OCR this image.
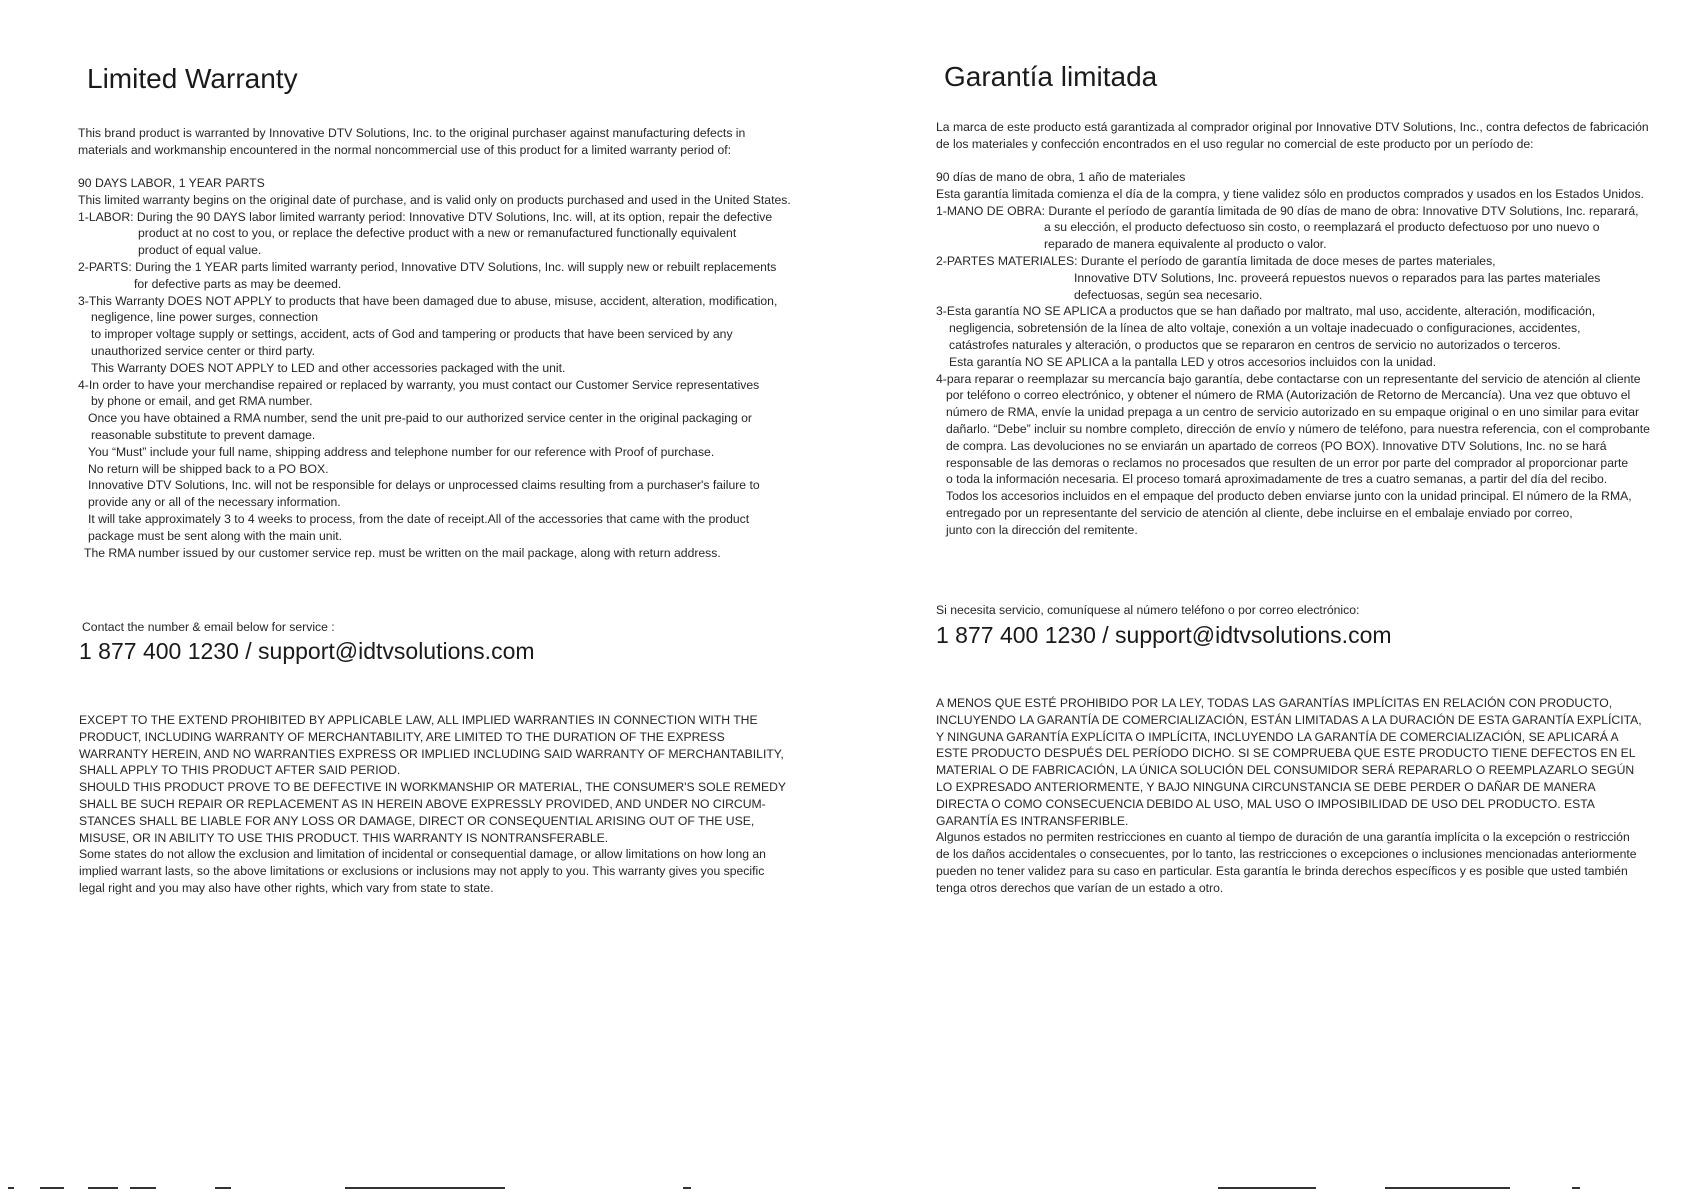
Limited Warranty
This brand product is warranted by Innovative DTV Solutions, Inc. to the original purchaser against manufacturing defects in
materials and workmanship encountered in the normal noncommercial use of this product for a limited warranty period of:
90 DAYS LABOR, 1 YEAR PARTS
This limited warranty begins on the original date of purchase, and is valid only on products purchased and used in the United States.
1-LABOR: During the 90 DAYS labor limited warranty period: Innovative DTV Solutions, Inc. will, at its option, repair the defective
product at no cost to you, or replace the defective product with a new or remanufactured functionally equivalent
product of equal value.
2-PARTS: During the 1 YEAR parts limited warranty period, Innovative DTV Solutions, Inc. will supply new or rebuilt replacements
for defective parts as may be deemed.
3-This Warranty DOES NOT APPLY to products that have been damaged due to abuse, misuse, accident, alteration, modification,
negligence, line power surges, connection
to improper voltage supply or settings, accident, acts of God and tampering or products that have been serviced by any
unauthorized service center or third party.
This Warranty DOES NOT APPLY to LED and other accessories packaged with the unit.
4-In order to have your merchandise repaired or replaced by warranty, you must contact our Customer Service representatives
by phone or email, and get RMA number.
Once you have obtained a RMA number, send the unit pre-paid to our authorized service center in the original packaging or
reasonable substitute to prevent damage.
You “Must” include your full name, shipping address and telephone number for our reference with Proof of purchase.
No return will be shipped back to a PO BOX.
Innovative DTV Solutions, Inc. will not be responsible for delays or unprocessed claims resulting from a purchaser's failure to
provide any or all of the necessary information.
It will take approximately 3 to 4 weeks to process, from the date of receipt.All of the accessories that came with the product
package must be sent along with the main unit.
The RMA number issued by our customer service rep. must be written on the mail package, along with return address.
Contact the number & email below for service :
1 877 400 1230 / support@idtvsolutions.com
EXCEPT TO THE EXTEND PROHIBITED BY APPLICABLE LAW, ALL IMPLIED WARRANTIES IN CONNECTION WITH THE
PRODUCT, INCLUDING WARRANTY OF MERCHANTABILITY, ARE LIMITED TO THE DURATION OF THE EXPRESS
WARRANTY HEREIN, AND NO WARRANTIES EXPRESS OR IMPLIED INCLUDING SAID WARRANTY OF MERCHANTABILITY,
SHALL APPLY TO THIS PRODUCT AFTER SAID PERIOD.
SHOULD THIS PRODUCT PROVE TO BE DEFECTIVE IN WORKMANSHIP OR MATERIAL, THE CONSUMER'S SOLE REMEDY
SHALL BE SUCH REPAIR OR REPLACEMENT AS IN HEREIN ABOVE EXPRESSLY PROVIDED, AND UNDER NO CIRCUM-
STANCES SHALL BE LIABLE FOR ANY LOSS OR DAMAGE, DIRECT OR CONSEQUENTIAL ARISING OUT OF THE USE,
MISUSE, OR IN ABILITY TO USE THIS PRODUCT. THIS WARRANTY IS NONTRANSFERABLE.
Some states do not allow the exclusion and limitation of incidental or consequential damage, or allow limitations on how long an
implied warrant lasts, so the above limitations or exclusions or inclusions may not apply to you. This warranty gives you specific
legal right and you may also have other rights, which vary from state to state.
Garantía limitada
La marca de este producto está garantizada al comprador original por Innovative DTV Solutions, Inc., contra defectos de fabricación
de los materiales y confección encontrados en el uso regular no comercial de este producto por un período de:
90 días de mano de obra, 1 año de materiales
Esta garantía limitada comienza el día de la compra, y tiene validez sólo en productos comprados y usados en los Estados Unidos.
1-MANO DE OBRA: Durante el período de garantía limitada de 90 días de mano de obra: Innovative DTV Solutions, Inc. reparará,
a su elección, el producto defectuoso sin costo, o reemplazará el producto defectuoso por uno nuevo o
reparado de manera equivalente al producto o valor.
2-PARTES MATERIALES: Durante el período de garantía limitada de doce meses de partes materiales,
Innovative DTV Solutions, Inc. proveerá repuestos nuevos o reparados para las partes materiales
defectuosas, según sea necesario.
3-Esta garantía NO SE APLICA a productos que se han dañado por maltrato, mal uso, accidente, alteración, modificación,
negligencia, sobretensión de la línea de alto voltaje, conexión a un voltaje inadecuado o configuraciones, accidentes,
catástrofes naturales y alteración, o productos que se repararon en centros de servicio no autorizados o terceros.
Esta garantía NO SE APLICA a la pantalla LED y otros accesorios incluidos con la unidad.
4-para reparar o reemplazar su mercancía bajo garantía, debe contactarse con un representante del servicio de atención al cliente
por teléfono o correo electrónico, y obtener el número de RMA (Autorización de Retorno de Mercancía). Una vez que obtuvo el
número de RMA, envíe la unidad prepaga a un centro de servicio autorizado en su empaque original o en uno similar para evitar
dañarlo. “Debe” incluir su nombre completo, dirección de envío y número de teléfono, para nuestra referencia, con el comprobante
de compra. Las devoluciones no se enviarán un apartado de correos (PO BOX). Innovative DTV Solutions, Inc. no se hará
responsable de las demoras o reclamos no procesados que resulten de un error por parte del comprador al proporcionar parte
o toda la información necesaria. El proceso tomará aproximadamente de tres a cuatro semanas, a partir del día del recibo.
Todos los accesorios incluidos en el empaque del producto deben enviarse junto con la unidad principal. El número de la RMA,
entregado por un representante del servicio de atención al cliente, debe incluirse en el embalaje enviado por correo,
junto con la dirección del remitente.
Si necesita servicio, comuníquese al número teléfono o por correo electrónico:
1 877 400 1230 / support@idtvsolutions.com
A MENOS QUE ESTÉ PROHIBIDO POR LA LEY, TODAS LAS GARANTÍAS IMPLÍCITAS EN RELACIÓN CON PRODUCTO,
INCLUYENDO LA GARANTÍA DE COMERCIALIZACIÓN, ESTÁN LIMITADAS A LA DURACIÓN DE ESTA GARANTÍA EXPLÍCITA,
Y NINGUNA GARANTÍA EXPLÍCITA O IMPLÍCITA, INCLUYENDO LA GARANTÍA DE COMERCIALIZACIÓN, SE APLICARÁ A
ESTE PRODUCTO DESPUÉS DEL PERÍODO DICHO. SI SE COMPRUEBA QUE ESTE PRODUCTO TIENE DEFECTOS EN EL
MATERIAL O DE FABRICACIÓN, LA ÚNICA SOLUCIÓN DEL CONSUMIDOR SERÁ REPARARLO O REEMPLAZARLO SEGÚN
LO EXPRESADO ANTERIORMENTE, Y BAJO NINGUNA CIRCUNSTANCIA SE DEBE PERDER O DAÑAR DE MANERA
DIRECTA O COMO CONSECUENCIA DEBIDO AL USO, MAL USO O IMPOSIBILIDAD DE USO DEL PRODUCTO. ESTA
GARANTÍA ES INTRANSFERIBLE.
Algunos estados no permiten restricciones en cuanto al tiempo de duración de una garantía implícita o la excepción o restricción
de los daños accidentales o consecuentes, por lo tanto, las restricciones o excepciones o inclusiones mencionadas anteriormente
pueden no tener validez para su caso en particular. Esta garantía le brinda derechos específicos y es posible que usted también
tenga otros derechos que varían de un estado a otro.
